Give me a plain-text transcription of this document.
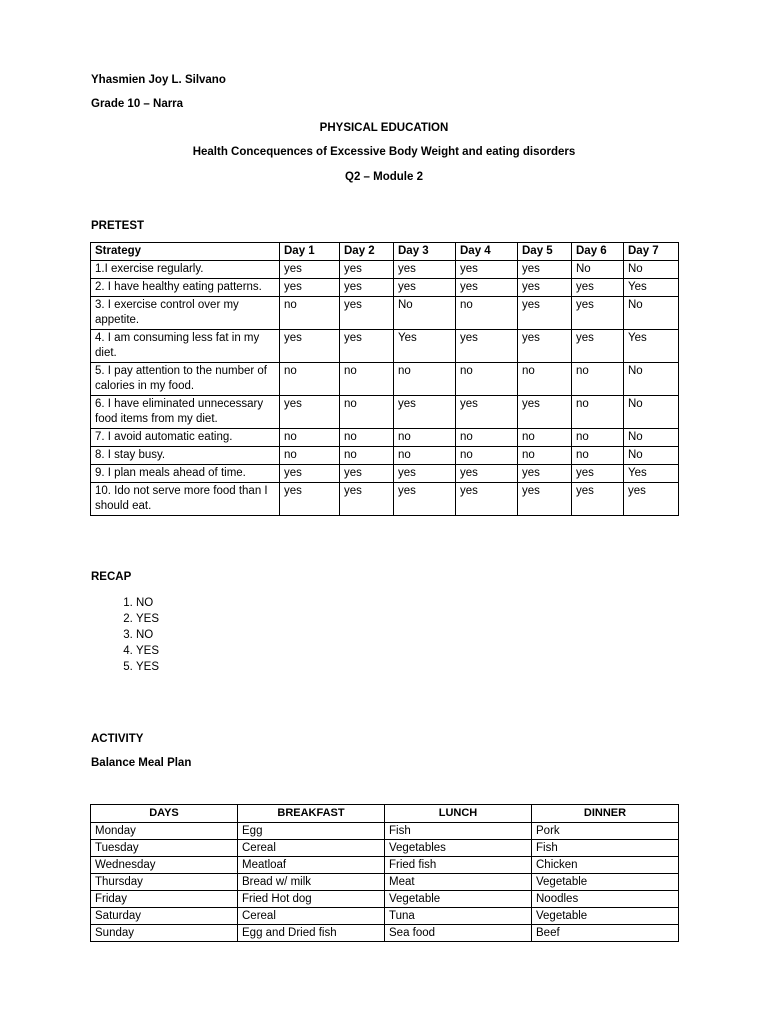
Yhasmien Joy L. Silvano

Grade 10 – Narra

PHYSICAL EDUCATION

Health Concequences of Excessive Body Weight and eating disorders

Q2 – Module 2

PRETEST

Strategy	Day 1	Day 2	Day 3	Day 4	Day 5	Day 6	Day 7
1.I exercise regularly.	yes	yes	yes	yes	yes	No	No
2. I have healthy eating patterns.	yes	yes	yes	yes	yes	yes	Yes
3. I exercise control over my appetite.	no	yes	No	no	yes	yes	No
4. I am consuming less fat in my diet.	yes	yes	Yes	yes	yes	yes	Yes
5. I pay attention to the number of calories in my food.	no	no	no	no	no	no	No
6. I have eliminated unnecessary food items from my diet.	yes	no	yes	yes	yes	no	No
7. I avoid automatic eating.	no	no	no	no	no	no	No
8. I stay busy.	no	no	no	no	no	no	No
9. I plan meals ahead of time.	yes	yes	yes	yes	yes	yes	Yes
10. Ido not serve more food than I should eat.	yes	yes	yes	yes	yes	yes	yes

RECAP

1. NO
2. YES
3. NO
4. YES
5. YES

ACTIVITY

Balance Meal Plan

DAYS	BREAKFAST	LUNCH	DINNER
Monday	Egg	Fish	Pork
Tuesday	Cereal	Vegetables	Fish
Wednesday	Meatloaf	Fried fish	Chicken
Thursday	Bread w/ milk	Meat	Vegetable
Friday	Fried Hot dog	Vegetable	Noodles
Saturday	Cereal	Tuna	Vegetable
Sunday	Egg and Dried fish	Sea food	Beef
